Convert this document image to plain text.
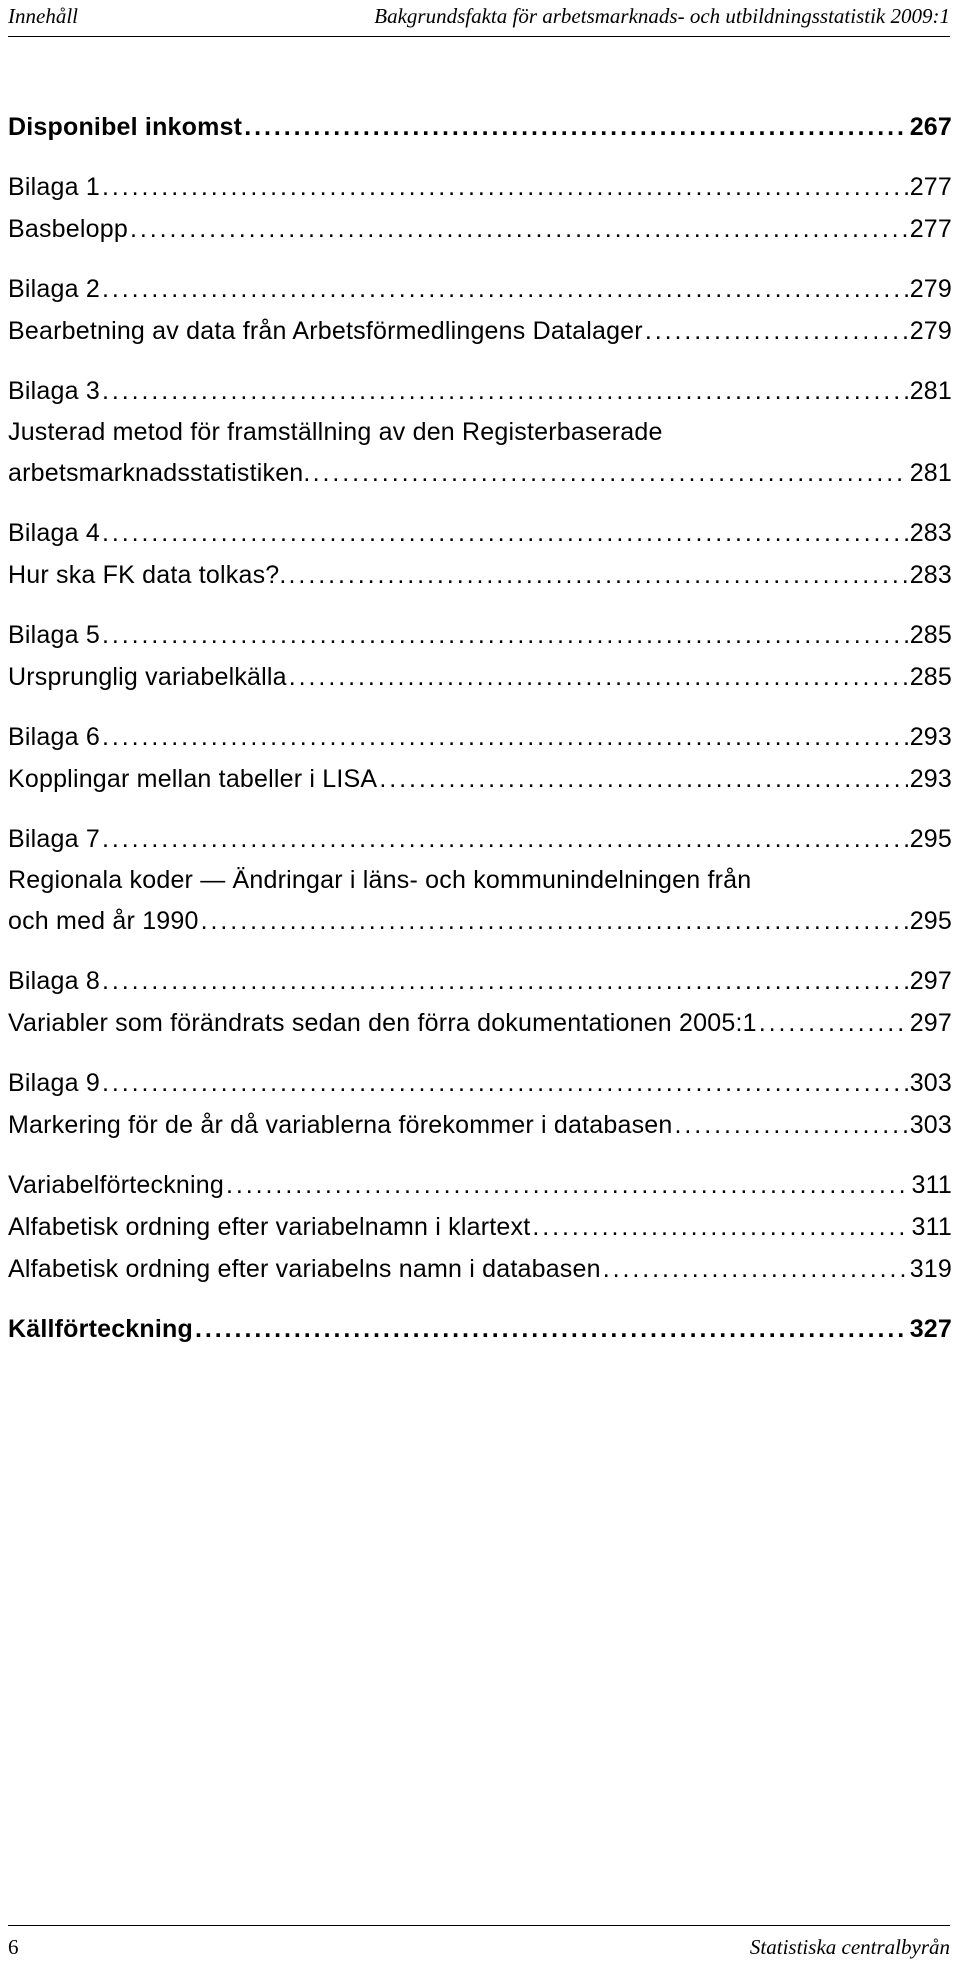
Innehåll	Bakgrundsfakta för arbetsmarknads- och utbildningsstatistik 2009:1
Disponibel inkomst . . .	267
Bilaga 1 . . .	277
Basbelopp . . .	277
Bilaga 2 . . .	279
Bearbetning av data från Arbetsförmedlingens Datalager . . .	279
Bilaga 3 . . .	281
Justerad metod för framställning av den Registerbaserade
arbetsmarknadsstatistiken. . . .	281
Bilaga 4 . . .	283
Hur ska FK data tolkas?. . . .	283
Bilaga 5 . . .	285
Ursprunglig variabelkälla . . .	285
Bilaga 6 . . .	293
Kopplingar mellan tabeller i LISA . . .	293
Bilaga 7 . . .	295
Regionala koder — Ändringar i läns- och kommunindelningen från
och med år 1990 . . .	295
Bilaga 8 . . .	297
Variabler som förändrats sedan den förra dokumentationen 2005:1 . . .	297
Bilaga 9 . . .	303
Markering för de år då variablerna förekommer i databasen . . .	303
Variabelförteckning . . .	311
Alfabetisk ordning efter variabelnamn i klartext . . .	311
Alfabetisk ordning efter variabelns namn i databasen . . .	319
Källförteckning . . .	327
6	Statistiska centralbyrån
